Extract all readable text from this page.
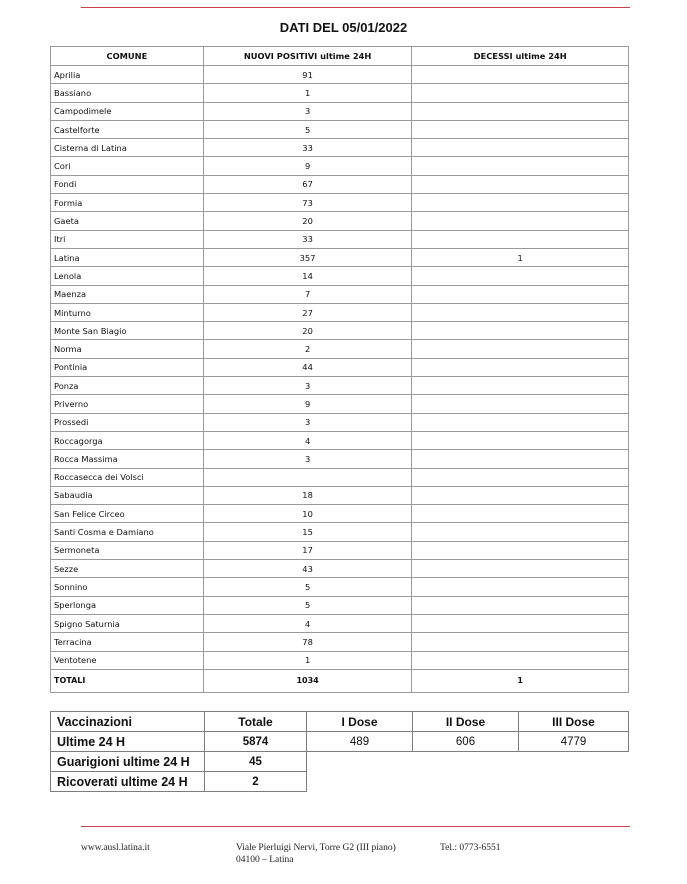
DATI DEL 05/01/2022
COMUNE	NUOVI POSITIVI ultime 24H	DECESSI ultime 24H
Aprilia	91	
Bassiano	1	
Campodimele	3	
Castelforte	5	
Cisterna di Latina	33	
Cori	9	
Fondi	67	
Formia	73	
Gaeta	20	
Itri	33	
Latina	357	1
Lenola	14	
Maenza	7	
Minturno	27	
Monte San Biagio	20	
Norma	2	
Pontinia	44	
Ponza	3	
Priverno	9	
Prossedi	3	
Roccagorga	4	
Rocca Massima	3	
Roccasecca dei Volsci		
Sabaudia	18	
San Felice Circeo	10	
Santi Cosma e Damiano	15	
Sermoneta	17	
Sezze	43	
Sonnino	5	
Sperlonga	5	
Spigno Saturnia	4	
Terracina	78	
Ventotene	1	
TOTALI	1034	1
Vaccinazioni	Totale	I Dose	II Dose	III Dose
Ultime 24 H	5874	489	606	4779
Guarigioni ultime 24 H	45			
Ricoverati ultime 24 H	2			
www.ausl.latina.it	Viale Pierluigi Nervi, Torre G2 (III piano)
04100 – Latina
Tel.: 0773-6551
